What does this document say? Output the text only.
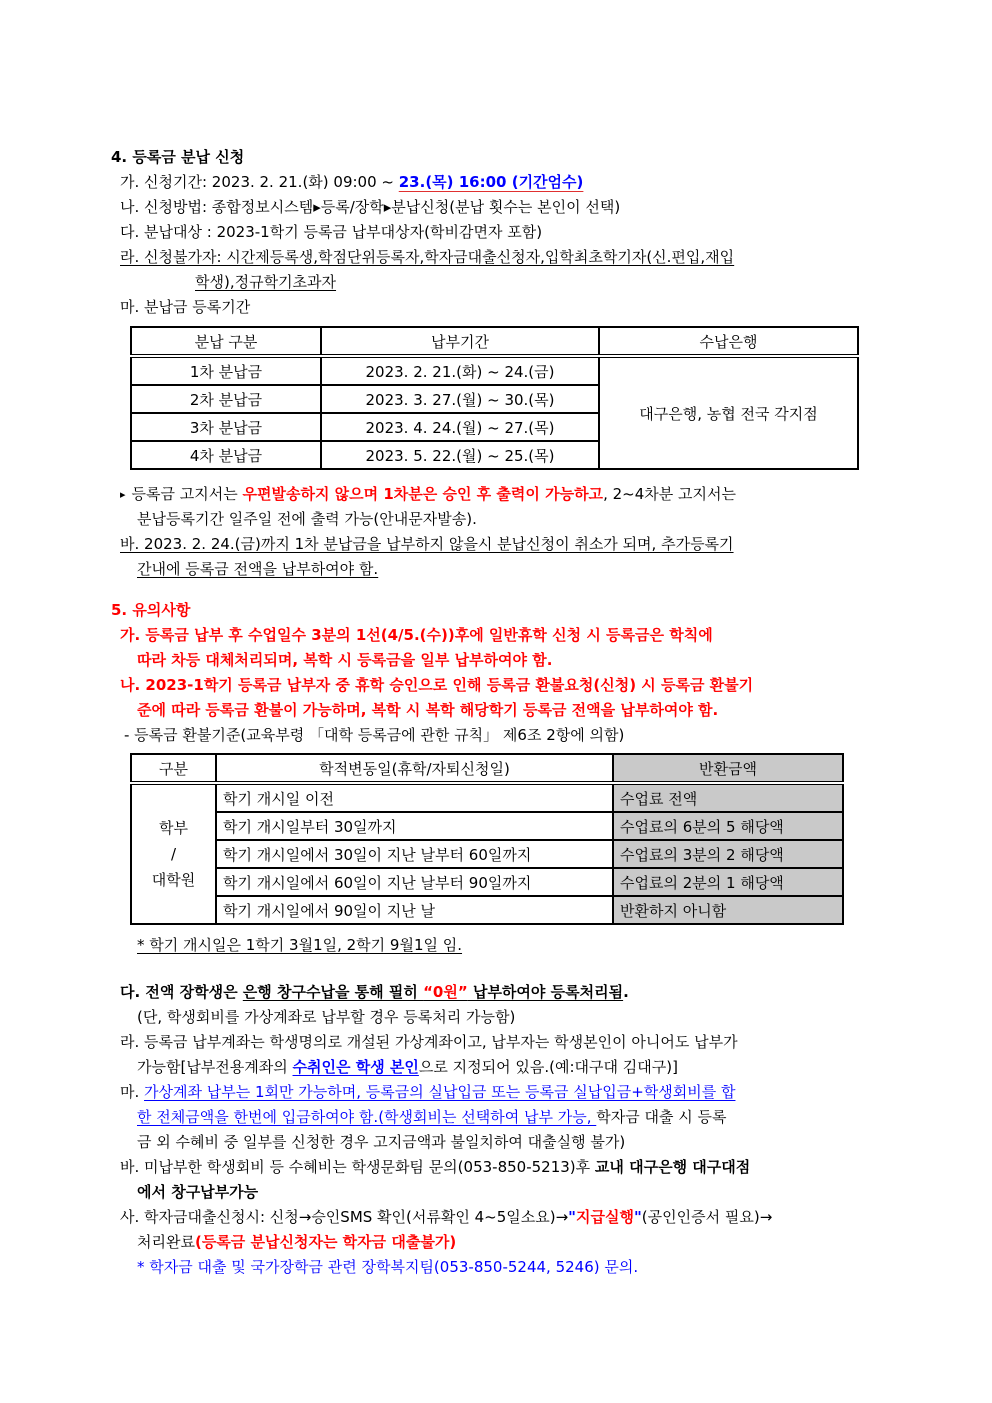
4. 등록금 분납 신청
가. 신청기간: 2023. 2. 21.(화) 09:00 ~ 23.(목) 16:00 (기간엄수)
나. 신청방법: 종합정보시스템▸등록/장학▸분납신청(분납 횟수는 본인이 선택)
다. 분납대상 : 2023-1학기 등록금 납부대상자(학비감면자 포함)
라. 신청불가자: 시간제등록생,학점단위등록자,학자금대출신청자,입학최초학기자(신.편입,재입
학생),정규학기초과자
마. 분납금 등록기간
분납 구분	납부기간	수납은행
1차 분납금	2023. 2. 21.(화) ~ 24.(금)	대구은행, 농협 전국 각지점
2차 분납금	2023. 3. 27.(월) ~ 30.(목)	
3차 분납금	2023. 4. 24.(월) ~ 27.(목)	
4차 분납금	2023. 5. 22.(월) ~ 25.(목)	
▸ 등록금 고지서는 우편발송하지 않으며 1차분은 승인 후 출력이 가능하고, 2~4차분 고지서는
분납등록기간 일주일 전에 출력 가능(안내문자발송).
바. 2023. 2. 24.(금)까지 1차 분납금을 납부하지 않을시 분납신청이 취소가 되며, 추가등록기
간내에 등록금 전액을 납부하여야 함.
5. 유의사항
가. 등록금 납부 후 수업일수 3분의 1선(4/5.(수))후에 일반휴학 신청 시 등록금은 학칙에
따라 차등 대체처리되며, 복학 시 등록금을 일부 납부하여야 함.
나. 2023-1학기 등록금 납부자 중 휴학 승인으로 인해 등록금 환불요청(신청) 시 등록금 환불기
준에 따라 등록금 환불이 가능하며, 복학 시 복학 해당학기 등록금 전액을 납부하여야 함.
- 등록금 환불기준(교육부령 「대학 등록금에 관한 규칙」 제6조 2항에 의함)
구분	학적변동일(휴학/자퇴신청일)	반환금액

학부
/
대학원	학기 개시일 이전	수업료 전액
	학기 개시일부터 30일까지	수업료의 6분의 5 해당액
	학기 개시일에서 30일이 지난 날부터 60일까지	수업료의 3분의 2 해당액
	학기 개시일에서 60일이 지난 날부터 90일까지	수업료의 2분의 1 해당액
	학기 개시일에서 90일이 지난 날	반환하지 아니함
* 학기 개시일은 1학기 3월1일, 2학기 9월1일 임.
다. 전액 장학생은 은행 창구수납을 통해 필히 “0원” 납부하여야 등록처리됨.
(단, 학생회비를 가상계좌로 납부할 경우 등록처리 가능함)
라. 등록금 납부계좌는 학생명의로 개설된 가상계좌이고, 납부자는 학생본인이 아니어도 납부가
가능함[납부전용계좌의 수취인은 학생 본인으로 지정되어 있음.(예:대구대 김대구)]
마. 가상계좌 납부는 1회만 가능하며, 등록금의 실납입금 또는 등록금 실납입금+학생회비를 합
한 전체금액을 한번에 입금하여야 함.(학생회비는 선택하여 납부 가능, 학자금 대출 시 등록
금 외 수혜비 중 일부를 신청한 경우 고지금액과 불일치하여 대출실행 불가)
바. 미납부한 학생회비 등 수혜비는 학생문화팀 문의(053-850-5213)후 교내 대구은행 대구대점
에서 창구납부가능
사. 학자금대출신청시: 신청→승인SMS 확인(서류확인 4~5일소요)→"지급실행"(공인인증서 필요)→
처리완료(등록금 분납신청자는 학자금 대출불가)
* 학자금 대출 및 국가장학금 관련 장학복지팀(053-850-5244, 5246) 문의.
